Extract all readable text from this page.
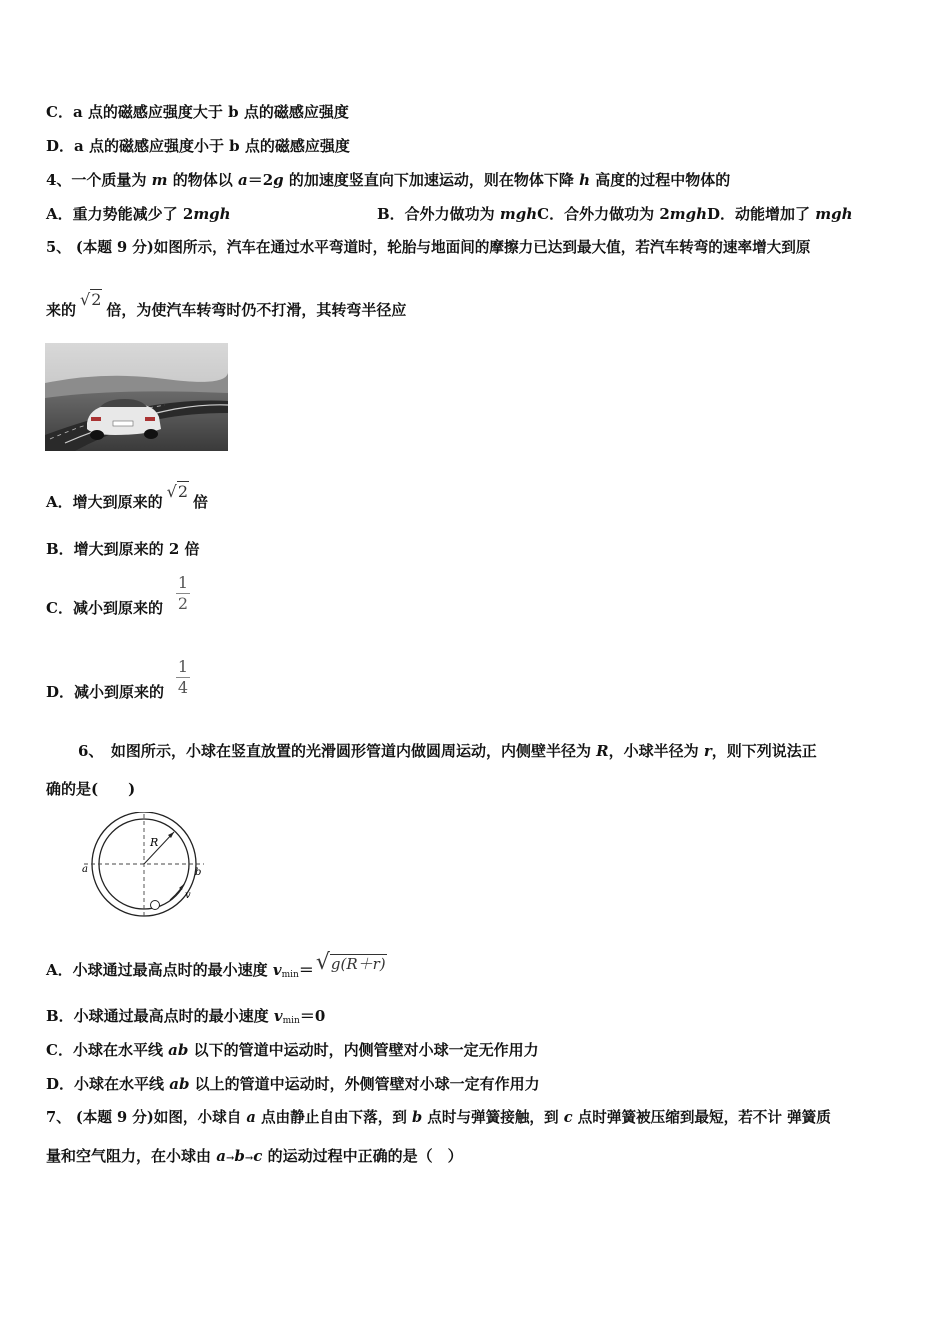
C．a 点的磁感应强度大于 b 点的磁感应强度
D．a 点的磁感应强度小于 b 点的磁感应强度
4、一个质量为 m 的物体以 a＝2g 的加速度竖直向下加速运动，则在物体下降 h 高度的过程中物体的
A．重力势能减少了 2mgh	B．合外力做功为 mghC．合外力做功为 2mghD．动能增加了 mgh
5、 (本题 9 分)如图所示，汽车在通过水平弯道时，轮胎与地面间的摩擦力已达到最大值，若汽车转弯的速率增大到原
来的√2倍，为使汽车转弯时仍不打滑，其转弯半径应
A．增大到原来的√2倍
B．增大到原来的 2 倍
C．减小到原来的 $\frac{1}{2}$
D．减小到原来的 $\frac{1}{4}$
6、　如图所示，小球在竖直放置的光滑圆形管道内做圆周运动，内侧壁半径为 R，小球半径为 r，则下列说法正
确的是(　　)
R
a	b
v
A．小球通过最高点时的最小速度 $v_{min}=√g(R+r)$
B．小球通过最高点时的最小速度 $v_{min}=0$
C．小球在水平线 ab 以下的管道中运动时，内侧管壁对小球一定无作用力
D．小球在水平线 ab 以上的管道中运动时，外侧管壁对小球一定有作用力
7、 (本题 9 分)如图，小球自 a 点由静止自由下落，到 b 点时与弹簧接触，到 c 点时弹簧被压缩到最短，若不计 弹簧质
量和空气阻力，在小球由 a→b→c 的运动过程中正确的是（　）
